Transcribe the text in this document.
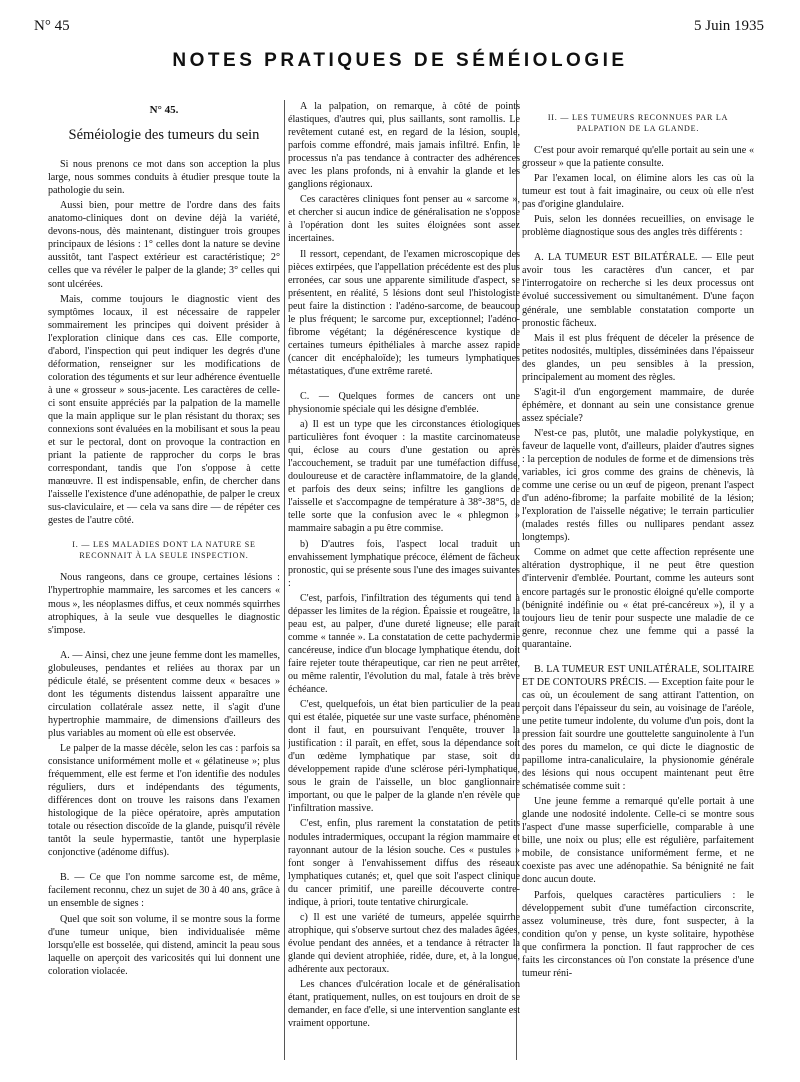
N° 45	5 Juin 1935
NOTES PRATIQUES DE SÉMÉIOLOGIE
N° 45.
Séméiologie des tumeurs du sein

Si nous prenons ce mot dans son acception la plus large, nous sommes conduits à étudier presque toute la pathologie du sein.

Aussi bien, pour mettre de l'ordre dans des faits anatomo-cliniques dont on devine déjà la variété, devons-nous, dès maintenant, distinguer trois groupes principaux de lésions : 1° celles dont la nature se devine aussitôt, tant l'aspect extérieur est caractéristique; 2° celles que va révéler le palper de la glande; 3° celles qui sont ulcérées.

Mais, comme toujours le diagnostic vient des symptômes locaux, il est nécessaire de rappeler sommairement les principes qui doivent présider à l'exploration clinique dans ces cas. Elle comporte, d'abord, l'inspection qui peut indiquer les degrés d'une déformation, renseigner sur les modifications de coloration des téguments et sur leur adhérence éventuelle à une « grosseur » sous-jacente. Les caractères de celle-ci sont ensuite appréciés par la palpation de la mamelle que la main applique sur le plan résistant du thorax; ses connexions sont évaluées en la mobilisant et sous la peau et sur le pectoral, dont on provoque la contraction en priant la patiente de rapprocher du corps le bras correspondant, tandis que l'on s'oppose à cette manœuvre. Il est indispensable, enfin, de chercher dans l'aisselle l'existence d'une adénopathie, de palper le creux sus-claviculaire, et — cela va sans dire — de répéter ces gestes de l'autre côté.

I. — LES MALADIES DONT LA NATURE SE RECONNAIT À LA SEULE INSPECTION.

Nous rangeons, dans ce groupe, certaines lésions : l'hypertrophie mammaire, les sarcomes et les cancers « mous », les néoplasmes diffus, et ceux nommés squirrhes atrophiques, à la seule vue desquelles le diagnostic s'impose.

A. — Ainsi, chez une jeune femme dont les mamelles, globuleuses, pendantes et reliées au thorax par un pédicule étalé, se présentent comme deux « besaces » dont les téguments distendus laissent apparaître une circulation collatérale assez nette, il s'agit d'une hypertrophie mammaire, de dimensions d'ailleurs des plus variables au moment où elle est observée.

Le palper de la masse décèle, selon les cas : parfois sa consistance uniformément molle et « gélatineuse »; plus fréquemment, elle est ferme et l'on identifie des nodules réguliers, durs et indépendants des téguments, différences dont on trouve les raisons dans l'examen histologique de la pièce opératoire, après amputation totale ou résection discoïde de la glande, puisqu'il révèle tantôt la seule hypermastie, tantôt une hyperplasie conjonctive (adénome diffus).

B. — Ce que l'on nomme sarcome est, de même, facilement reconnu, chez un sujet de 30 à 40 ans, grâce à un ensemble de signes :

Quel que soit son volume, il se montre sous la forme d'une tumeur unique, bien individualisée même lorsqu'elle est bosselée, qui distend, amincit la peau sous laquelle on aperçoit des varicosités qui lui donnent une coloration violacée.

A la palpation, on remarque, à côté de points élastiques, d'autres qui, plus saillants, sont ramollis. Le revêtement cutané est, en regard de la lésion, souple, parfois comme effondré, mais jamais infiltré. Enfin, le processus n'a pas tendance à contracter des adhérences avec les plans profonds, ni à envahir la glande et les ganglions régionaux.

Ces caractères cliniques font penser au « sarcome », et chercher si aucun indice de généralisation ne s'oppose à l'opération dont les suites éloignées sont assez incertaines.

Il ressort, cependant, de l'examen microscopique des pièces extirpées, que l'appellation précédente est des plus erronées, car sous une apparente similitude d'aspect, se présentent, en réalité, 5 lésions dont seul l'histologiste peut faire la distinction : l'adéno-sarcome, de beaucoup le plus fréquent; le sarcome pur, exceptionnel; l'adéno-fibrome végétant; la dégénérescence kystique de certaines tumeurs épithéliales à marche assez rapide (cancer dit encéphaloïde); les tumeurs lymphatiques métastatiques, d'une extrême rareté.

C. — Quelques formes de cancers ont une physionomie spéciale qui les désigne d'emblée.

a) Il est un type que les circonstances étiologiques particulières font évoquer : la mastite carcinomateuse qui, éclose au cours d'une gestation ou après l'accouchement, se traduit par une tuméfaction diffuse, douloureuse et de caractère inflammatoire, de la glande, et parfois des deux seins; infiltre les ganglions de l'aisselle et s'accompagne de température à 38°-38°5, de telle sorte que la confusion avec le « phlegmon » mammaire sabagin a pu être commise.

b) D'autres fois, l'aspect local traduit un envahissement lymphatique précoce, élément de fâcheux pronostic, qui se présente sous l'une des images suivantes :

C'est, parfois, l'infiltration des téguments qui tend à dépasser les limites de la région. Épaissie et rougeâtre, la peau est, au palper, d'une dureté ligneuse; elle paraît comme « tannée ». La constatation de cette pachydermie cancéreuse, indice d'un blocage lymphatique étendu, doit faire rejeter toute thérapeutique, car rien ne peut arrêter, ou même ralentir, l'évolution du mal, fatale à très brève échéance.

C'est, quelquefois, un état bien particulier de la peau qui est étalée, piquetée sur une vaste surface, phénomène dont il faut, en poursuivant l'enquête, trouver la justification : il paraît, en effet, sous la dépendance soit d'un œdème lymphatique par stase, soit du développement rapide d'une sclérose péri-lymphatique, sous le grain de l'aisselle, un bloc ganglionnaire important, ou que le palper de la glande n'en révèle que l'infiltration massive.

C'est, enfin, plus rarement la constatation de petits nodules intradermiques, occupant la région mammaire et rayonnant autour de la lésion souche. Ces « pustules » font songer à l'envahissement diffus des réseaux lymphatiques cutanés; et, quel que soit l'aspect clinique du cancer primitif, une pareille découverte contre-indique, à priori, toute tentative chirurgicale.

c) Il est une variété de tumeurs, appelée squirrhe atrophique, qui s'observe surtout chez des malades âgées, évolue pendant des années, et a tendance à rétracter la glande qui devient atrophiée, ridée, dure, et, à la longue, adhérente aux pectoraux.

Les chances d'ulcération locale et de généralisation étant, pratiquement, nulles, on est toujours en droit de se demander, en face d'elle, si une intervention sanglante est vraiment opportune.

II. — LES TUMEURS RECONNUES PAR LA PALPATION DE LA GLANDE.

C'est pour avoir remarqué qu'elle portait au sein une « grosseur » que la patiente consulte.

Par l'examen local, on élimine alors les cas où la tumeur est tout à fait imaginaire, ou ceux où elle n'est pas d'origine glandulaire.

Puis, selon les données recueillies, on envisage le problème diagnostique sous des angles très différents :

A. LA TUMEUR EST BILATÉRALE. — Elle peut avoir tous les caractères d'un cancer, et par l'interrogatoire on recherche si les deux processus ont évolué successivement ou simultanément. D'une façon générale, une semblable constatation comporte un pronostic fâcheux.

Mais il est plus fréquent de déceler la présence de petites nodosités, multiples, disséminées dans l'épaisseur des glandes, un peu sensibles à la pression, principalement au moment des règles.

S'agit-il d'un engorgement mammaire, de durée éphémère, et donnant au sein une consistance grenue assez spéciale?

N'est-ce pas, plutôt, une maladie polykystique, en faveur de laquelle vont, d'ailleurs, plaider d'autres signes : la perception de nodules de forme et de dimensions très variables, ici gros comme des grains de chènevis, là comme une cerise ou un œuf de pigeon, prenant l'aspect d'un adéno-fibrome; la parfaite mobilité de la lésion; l'exploration de l'aisselle négative; le terrain particulier (malades restés filles ou nullipares pendant assez longtemps).

Comme on admet que cette affection représente une altération dystrophique, il ne peut être question d'intervenir d'emblée. Pourtant, comme les auteurs sont encore partagés sur le pronostic éloigné qu'elle comporte (bénignité indéfinie ou « état pré-cancéreux »), il y a toujours lieu de tenir pour suspecte une maladie de ce genre, reconnue chez une femme qui a passé la quarantaine.

B. LA TUMEUR EST UNILATÉRALE, SOLITAIRE ET DE CONTOURS PRÉCIS. — Exception faite pour le cas où, un écoulement de sang attirant l'attention, on perçoit dans l'épaisseur du sein, au voisinage de l'aréole, une petite tumeur indolente, du volume d'un pois, dont la pression fait sourdre une gouttelette sanguinolente à l'un des pores du mamelon, ce qui dicte le diagnostic de papillome intra-canaliculaire, la physionomie générale des lésions qui nous occupent maintenant peut être schématisée comme suit :

Une jeune femme a remarqué qu'elle portait à une glande une nodosité indolente. Celle-ci se montre sous l'aspect d'une masse superficielle, comparable à une bille, une noix ou plus; elle est régulière, parfaitement mobile, de consistance uniformément ferme, et ne coexiste pas avec une adénopathie. Sa bénignité ne fait donc aucun doute.

Parfois, quelques caractères particuliers : le développement subit d'une tuméfaction circonscrite, assez volumineuse, très dure, font suspecter, à la condition qu'on y pense, un kyste solitaire, hypothèse que confirmera la ponction. Il faut rapprocher de ces faits les circonstances où l'on constate la présence d'une tumeur réni-
